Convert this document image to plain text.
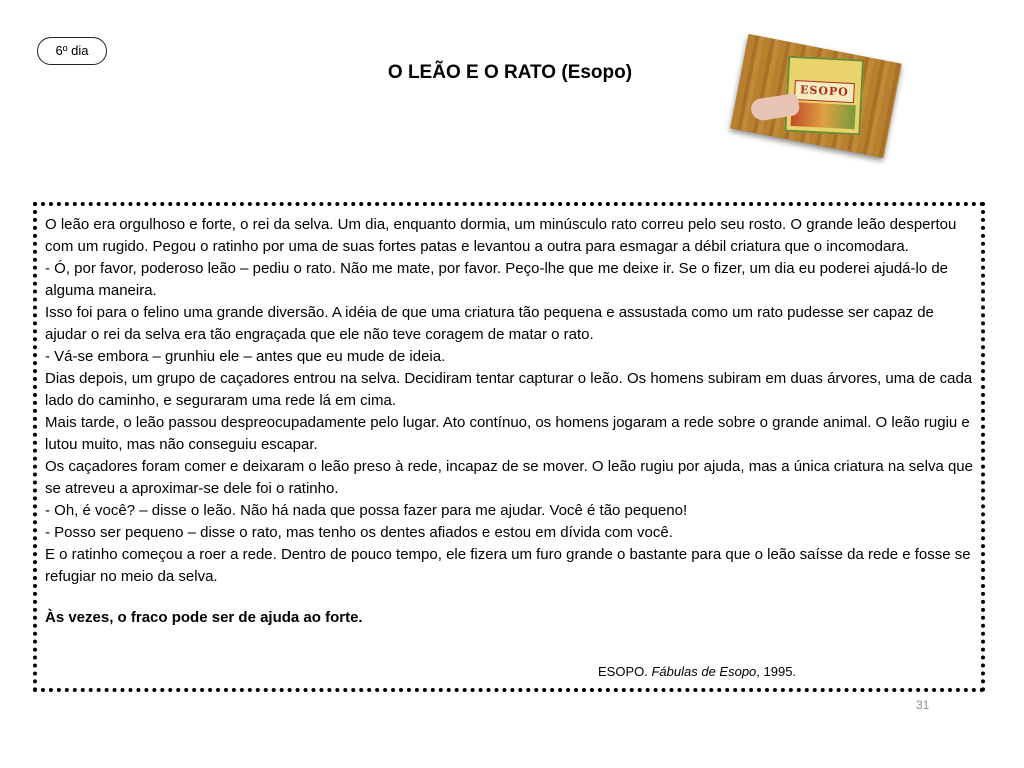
6º dia
O LEÃO E O RATO (Esopo)
ESOPO

O leão era orgulhoso e forte, o rei da selva. Um dia, enquanto dormia, um minúsculo rato correu pelo seu rosto. O grande leão despertou com um rugido. Pegou o ratinho por uma de suas fortes patas e levantou a outra para esmagar a débil criatura que o incomodara.

- Ó, por favor, poderoso leão – pediu o rato. Não me mate, por favor. Peço-lhe que me deixe ir. Se o fizer, um dia eu poderei ajudá-lo de alguma maneira.

Isso foi para o felino uma grande diversão. A idéia de que uma criatura tão pequena e assustada como um rato pudesse ser capaz de ajudar o rei da selva era tão engraçada que ele não teve coragem de matar o rato.

- Vá-se embora – grunhiu ele – antes que eu mude de ideia.

Dias depois, um grupo de caçadores entrou na selva. Decidiram tentar capturar o leão. Os homens subiram em duas árvores, uma de cada lado do caminho, e seguraram uma rede lá em cima.

Mais tarde, o leão passou despreocupadamente pelo lugar. Ato contínuo, os homens jogaram a rede sobre o grande animal. O leão rugiu e lutou muito, mas não conseguiu escapar.

Os caçadores foram comer e deixaram o leão preso à rede, incapaz de se mover. O leão rugiu por ajuda, mas a única criatura na selva que se atreveu a aproximar-se dele foi o ratinho.

- Oh, é você? – disse o leão. Não há nada que possa fazer para me ajudar. Você é tão pequeno!

- Posso ser pequeno – disse o rato, mas tenho os dentes afiados e estou em dívida com você.

E o ratinho começou a roer a rede. Dentro de pouco tempo, ele fizera um furo grande o bastante para que o leão saísse da rede e fosse se refugiar no meio da selva.

Às vezes, o fraco pode ser de ajuda ao forte.

ESOPO. Fábulas de Esopo, 1995.
31
